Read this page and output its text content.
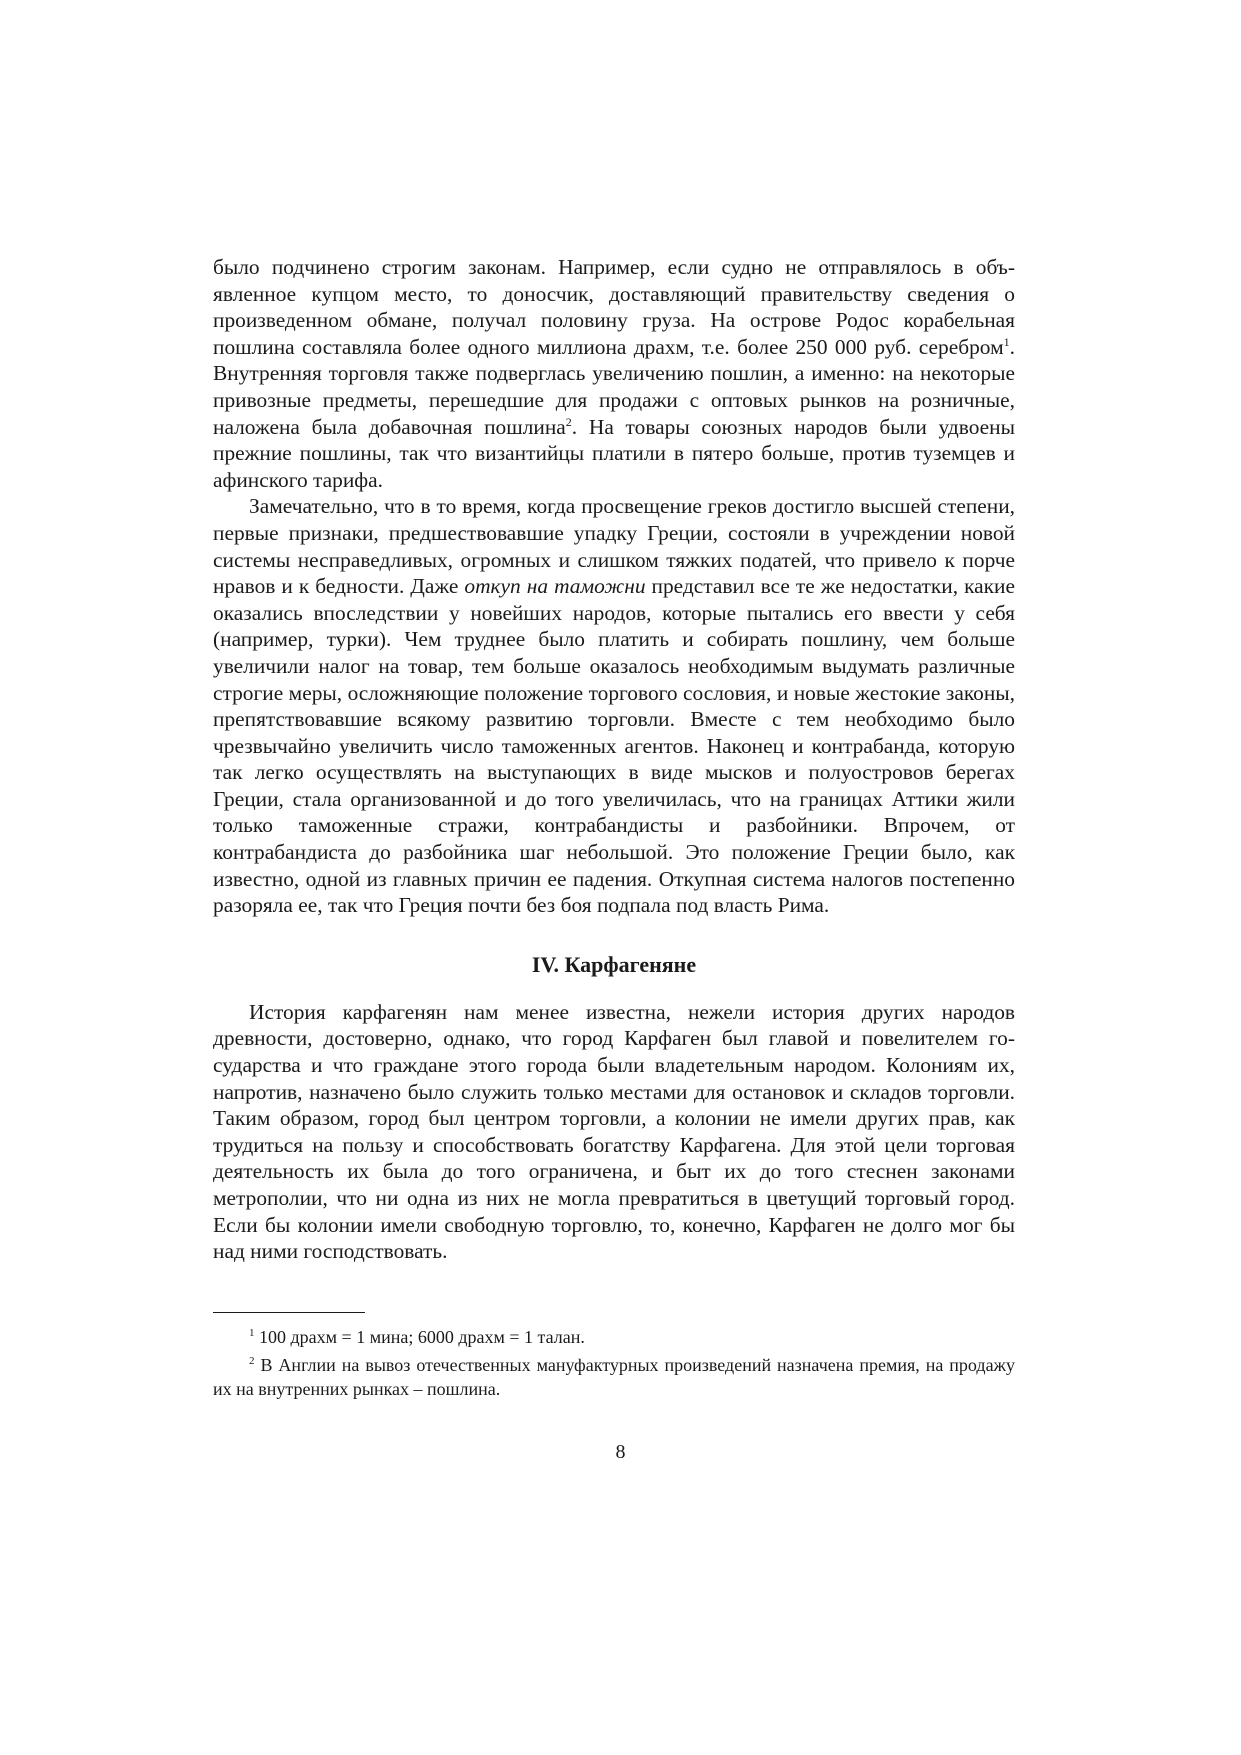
было подчинено строгим законам. Например, если судно не отправлялось в объявленное купцом место, то доносчик, доставляющий правительству сведения о произведенном обмане, получал половину груза. На острове Родос корабельная пошлина составляла более одного миллиона драхм, т.е. более 250 000 руб. серебром$^1$. Внутренняя торговля также подверглась увеличению пошлин, а именно: на некоторые привозные предметы, перешедшие для продажи с оптовых рынков на розничные, наложена была добавочная пошлина$^2$. На товары союзных народов были удвоены прежние пошлины, так что византийцы платили в пятеро больше, против туземцев и афинского тарифа.

Замечательно, что в то время, когда просвещение греков достигло высшей степени, первые признаки, предшествовавшие упадку Греции, состояли в учреждении новой системы несправедливых, огромных и слишком тяжких податей, что привело к порче нравов и к бедности. Даже откуп на таможни представил все те же недостатки, какие оказались впоследствии у новейших народов, которые пытались его ввести у себя (например, турки). Чем труднее было платить и собирать пошлину, чем больше увеличили налог на товар, тем больше оказалось необходимым выдумать различные строгие меры, осложняющие положение торгового сословия, и новые жестокие законы, препятствовавшие всякому развитию торговли. Вместе с тем необходимо было чрезвычайно увеличить число таможенных агентов. Наконец и контрабанда, которую так легко осуществлять на выступающих в виде мысков и полуостровов берегах Греции, стала организованной и до того увеличилась, что на границах Аттики жили только таможенные стражи, контрабандисты и разбойники. Впрочем, от контрабандиста до разбойника шаг небольшой. Это положение Греции было, как известно, одной из главных причин ее падения. Откупная система налогов постепенно разоряла ее, так что Греция почти без боя подпала под власть Рима.

IV. Карфагеняне

История карфагенян нам менее известна, нежели история других народов древности, достоверно, однако, что город Карфаген был главой и повелителем государства и что граждане этого города были владетельным народом. Колониям их, напротив, назначено было служить только местами для остановок и складов торговли. Таким образом, город был центром торговли, а колонии не имели других прав, как трудиться на пользу и способствовать богатству Карфагена. Для этой цели торговая деятельность их была до того ограничена, и быт их до того стеснен законами метрополии, что ни одна из них не могла превратиться в цветущий торговый город. Если бы колонии имели свободную торговлю, то, конечно, Карфаген не долго мог бы над ними господствовать.

$^1$ 100 драхм = 1 мина; 6000 драхм = 1 талан.

$^2$ В Англии на вывоз отечественных мануфактурных произведений назначена премия, на продажу их на внутренних рынках – пошлина.

8
